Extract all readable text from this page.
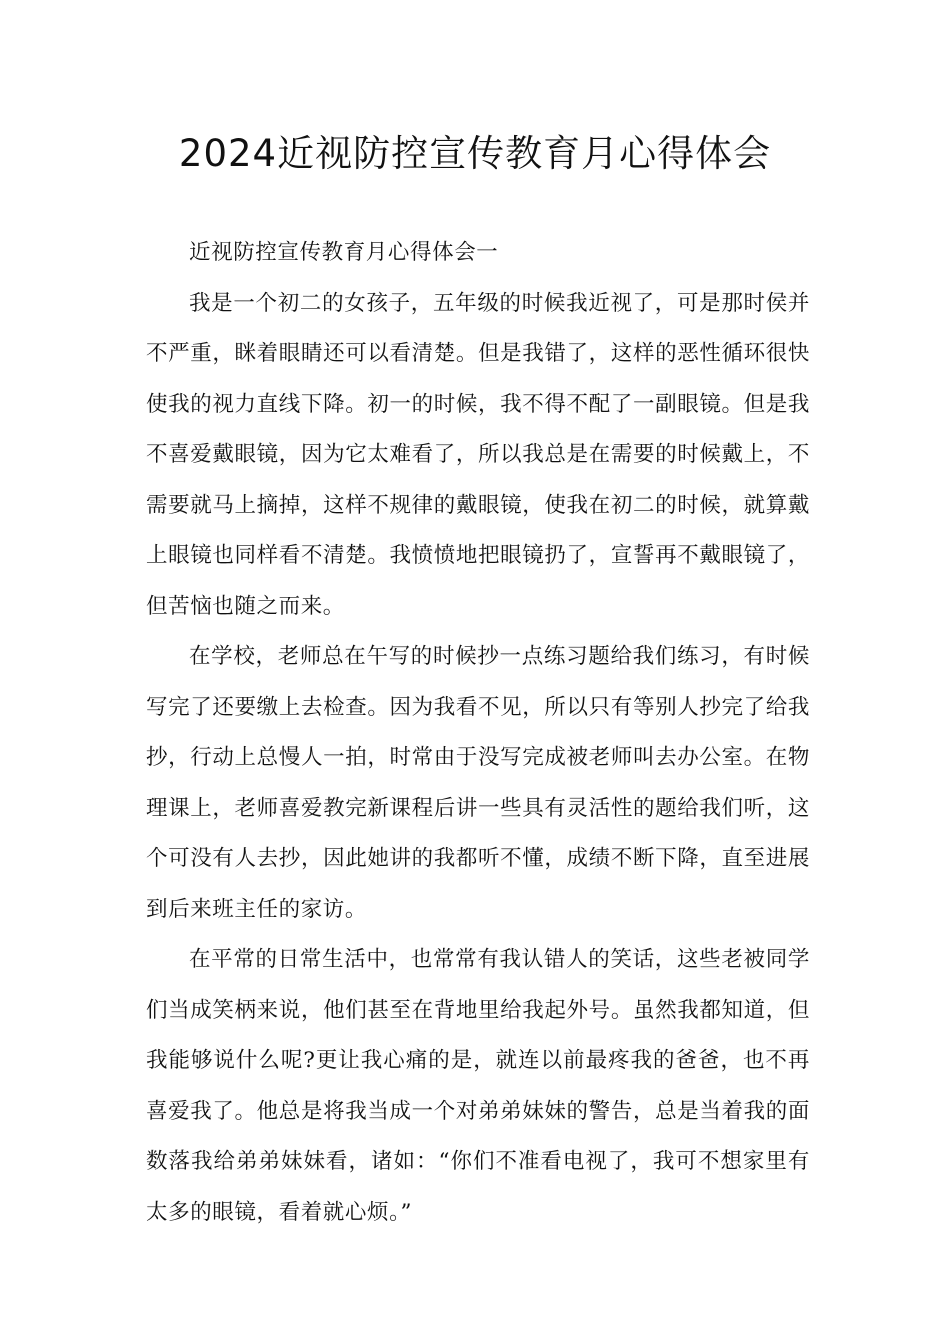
2024近视防控宣传教育月心得体会

近视防控宣传教育月心得体会一

我是一个初二的女孩子，五年级的时候我近视了，可是那时侯并不严重，眯着眼睛还可以看清楚。但是我错了，这样的恶性循环很快使我的视力直线下降。初一的时候，我不得不配了一副眼镜。但是我不喜爱戴眼镜，因为它太难看了，所以我总是在需要的时候戴上，不需要就马上摘掉，这样不规律的戴眼镜，使我在初二的时候，就算戴上眼镜也同样看不清楚。我愤愤地把眼镜扔了，宣誓再不戴眼镜了，但苦恼也随之而来。

在学校，老师总在午写的时候抄一点练习题给我们练习，有时候写完了还要缴上去检查。因为我看不见，所以只有等别人抄完了给我抄，行动上总慢人一拍，时常由于没写完成被老师叫去办公室。在物理课上，老师喜爱教完新课程后讲一些具有灵活性的题给我们听，这个可没有人去抄，因此她讲的我都听不懂，成绩不断下降，直至进展到后来班主任的家访。

在平常的日常生活中，也常常有我认错人的笑话，这些老被同学们当成笑柄来说，他们甚至在背地里给我起外号。虽然我都知道，但我能够说什么呢?更让我心痛的是，就连以前最疼我的爸爸，也不再喜爱我了。他总是将我当成一个对弟弟妹妹的警告，总是当着我的面数落我给弟弟妹妹看，诸如：“你们不准看电视了，我可不想家里有太多的眼镜，看着就心烦。”
